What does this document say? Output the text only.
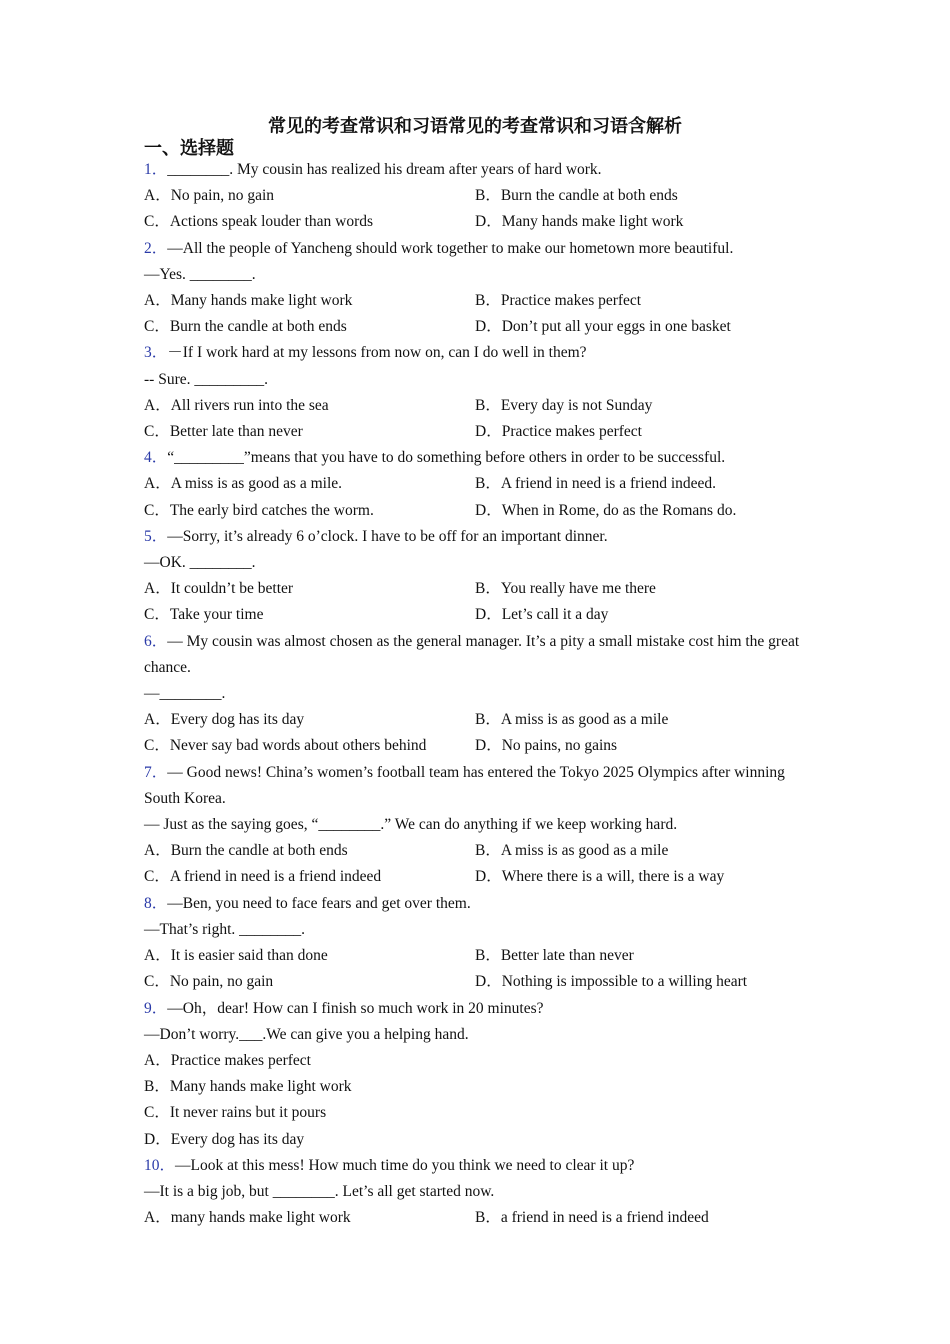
常见的考查常识和习语常见的考查常识和习语含解析
一、选择题
1．________. My cousin has realized his dream after years of hard work.
A．No pain, no gain	B．Burn the candle at both ends
C．Actions speak louder than words	D．Many hands make light work
2．—All the people of Yancheng should work together to make our hometown more beautiful.
—Yes. ________.
A．Many hands make light work	B．Practice makes perfect
C．Burn the candle at both ends	D．Don’t put all your eggs in one basket
3．－If I work hard at my lessons from now on, can I do well in them?
-- Sure. _________.
A．All rivers run into the sea	B．Every day is not Sunday
C．Better late than never	D．Practice makes perfect
4．“_________”means that you have to do something before others in order to be successful.
A．A miss is as good as a mile.	B．A friend in need is a friend indeed.
C．The early bird catches the worm.	D．When in Rome, do as the Romans do.
5．—Sorry, it’s already 6 o’clock. I have to be off for an important dinner.
—OK. ________.
A．It couldn’t be better	B．You really have me there
C．Take your time	D．Let’s call it a day
6．— My cousin was almost chosen as the general manager. It’s a pity a small mistake cost him the great chance.
—________.
A．Every dog has its day	B．A miss is as good as a mile
C．Never say bad words about others behind	D．No pains, no gains
7．— Good news! China’s women’s football team has entered the Tokyo 2025 Olympics after winning South Korea.
— Just as the saying goes, “________.” We can do anything if we keep working hard.
A．Burn the candle at both ends	B．A miss is as good as a mile
C．A friend in need is a friend indeed	D．Where there is a will, there is a way
8．—Ben, you need to face fears and get over them.
—That’s right. ________.
A．It is easier said than done	B．Better late than never
C．No pain, no gain	D．Nothing is impossible to a willing heart
9．—Oh，dear! How can I finish so much work in 20 minutes?
—Don’t worry.___.We can give you a helping hand.
A．Practice makes perfect
B．Many hands make light work
C．It never rains but it pours
D．Every dog has its day
10．—Look at this mess! How much time do you think we need to clear it up?
—It is a big job, but ________. Let’s all get started now.
A．many hands make light work	B．a friend in need is a friend indeed
